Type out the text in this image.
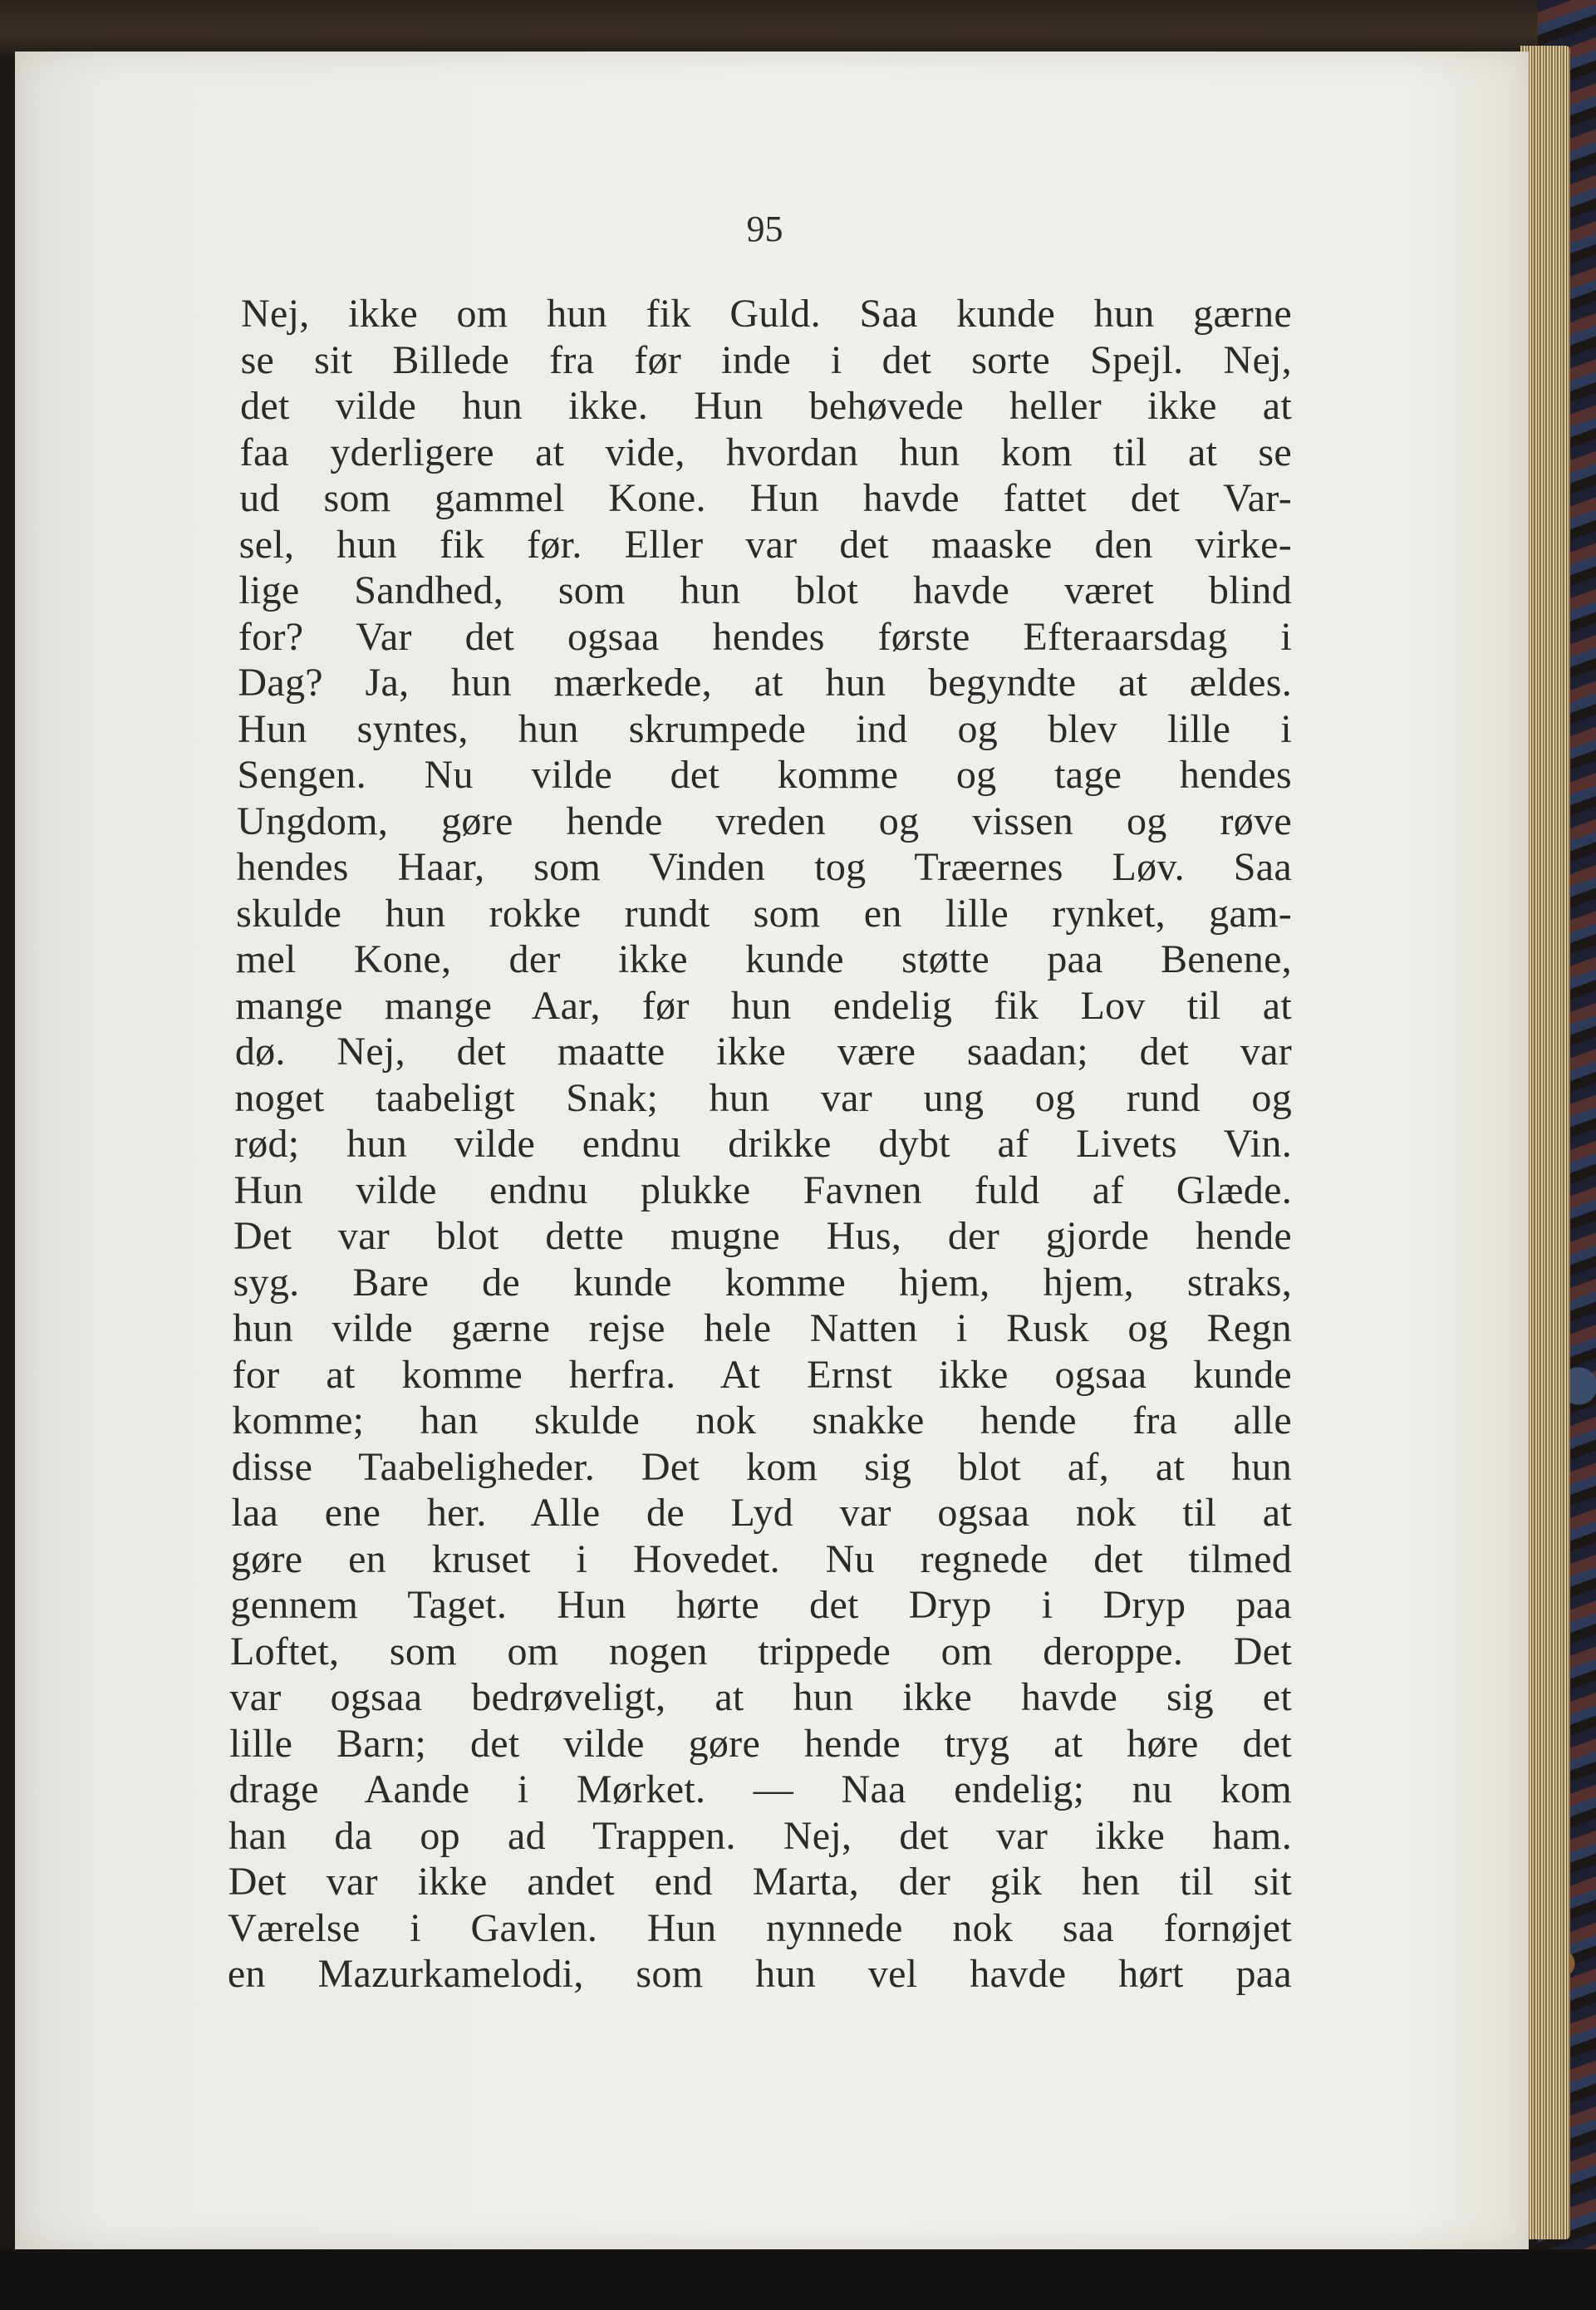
95
Nej, ikke om hun fik Guld. Saa kunde hun gærne
se sit Billede fra før inde i det sorte Spejl. Nej,
det vilde hun ikke. Hun behøvede heller ikke at
faa yderligere at vide, hvordan hun kom til at se
ud som gammel Kone. Hun havde fattet det Var-
sel, hun fik før. Eller var det maaske den virke-
lige Sandhed, som hun blot havde været blind
for? Var det ogsaa hendes første Efteraarsdag i
Dag? Ja, hun mærkede, at hun begyndte at ældes.
Hun syntes, hun skrumpede ind og blev lille i
Sengen. Nu vilde det komme og tage hendes
Ungdom, gøre hende vreden og vissen og røve
hendes Haar, som Vinden tog Træernes Løv. Saa
skulde hun rokke rundt som en lille rynket, gam-
mel Kone, der ikke kunde støtte paa Benene,
mange mange Aar, før hun endelig fik Lov til at
dø. Nej, det maatte ikke være saadan; det var
noget taabeligt Snak; hun var ung og rund og
rød; hun vilde endnu drikke dybt af Livets Vin.
Hun vilde endnu plukke Favnen fuld af Glæde.
Det var blot dette mugne Hus, der gjorde hende
syg. Bare de kunde komme hjem, hjem, straks,
hun vilde gærne rejse hele Natten i Rusk og Regn
for at komme herfra. At Ernst ikke ogsaa kunde
komme; han skulde nok snakke hende fra alle
disse Taabeligheder. Det kom sig blot af, at hun
laa ene her. Alle de Lyd var ogsaa nok til at
gøre en kruset i Hovedet. Nu regnede det tilmed
gennem Taget. Hun hørte det Dryp i Dryp paa
Loftet, som om nogen trippede om deroppe. Det
var ogsaa bedrøveligt, at hun ikke havde sig et
lille Barn; det vilde gøre hende tryg at høre det
drage Aande i Mørket. — Naa endelig; nu kom
han da op ad Trappen. Nej, det var ikke ham.
Det var ikke andet end Marta, der gik hen til sit
Værelse i Gavlen. Hun nynnede nok saa fornøjet
en Mazurkamelodi, som hun vel havde hørt paa
